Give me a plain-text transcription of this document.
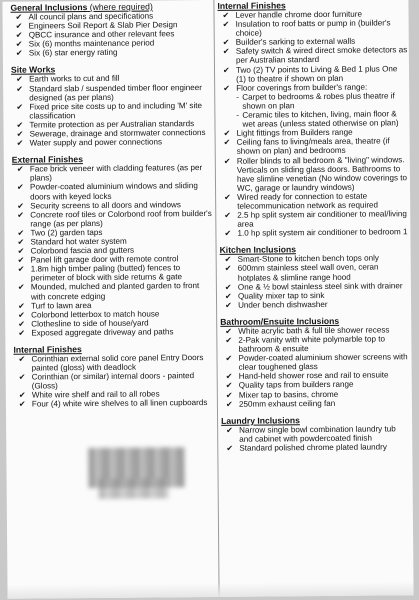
General Inclusions (where required)
✔ All council plans and specifications
✔ Engineers Soil Report & Slab Pier Design
✔ QBCC insurance and other relevant fees
✔ Six (6) months maintenance period
✔ Six (6) star energy rating
Site Works
✔ Earth works to cut and fill
✔ Standard slab / suspended timber floor engineer designed (as per plans)
✔ Fixed price site costs up to and including 'M' site classification
✔ Termite protection as per Australian standards
✔ Sewerage, drainage and stormwater connections
✔ Water supply and power connections
External Finishes
✔ Face brick veneer with cladding features (as per plans)
✔ Powder-coated aluminium windows and sliding doors with keyed locks
✔ Security screens to all doors and windows
✔ Concrete roof tiles or Colorbond roof from builder's range (as per plans)
✔ Two (2) garden taps
✔ Standard hot water system
✔ Colorbond fascia and gutters
✔ Panel lift garage door with remote control
✔ 1.8m high timber paling (butted) fences to perimeter of block with side returns & gate
✔ Mounded, mulched and planted garden to front with concrete edging
✔ Turf to lawn area
✔ Colorbond letterbox to match house
✔ Clothesline to side of house/yard
✔ Exposed aggregate driveway and paths
Internal Finishes
✔ Corinthian external solid core panel Entry Doors painted (gloss) with deadlock
✔ Corinthian (or similar) internal doors - painted (Gloss)
✔ White wire shelf and rail to all robes
✔ Four (4) white wire shelves to all linen cupboards
Internal Finishes
✔ Lever handle chrome door furniture
✔ Insulation to roof batts or pump in (builder's choice)
✔ Builder's sarking to external walls
✔ Safety switch & wired direct smoke detectors as per Australian standard
✔ Two (2) TV points to Living & Bed 1 plus One (1) to theatre if shown on plan
✔ Floor coverings from builder's range:
- Carpet to bedrooms & robes plus theatre if shown on plan
- Ceramic tiles to kitchen, living, main floor & wet areas (unless stated otherwise on plan)
✔ Light fittings from Builders range
✔ Ceiling fans to living/meals area, theatre (if shown on plan) and bedrooms
✔ Roller blinds to all bedroom & "living" windows. Verticals on sliding glass doors. Bathrooms to have slimline venetian (No window coverings to WC, garage or laundry windows)
✔ Wired ready for connection to estate telecommunication network as required
✔ 2.5 hp split system air conditioner to meal/living area
✔ 1.0 hp split system air conditioner to bedroom 1
Kitchen Inclusions
✔ Smart-Stone to kitchen bench tops only
✔ 600mm stainless steel wall oven, ceran hotplates & slimline range hood
✔ One & ½ bowl stainless steel sink with drainer
✔ Quality mixer tap to sink
✔ Under bench dishwasher
Bathroom/Ensuite Inclusions
✔ White acrylic bath & full tile shower recess
✔ 2-Pak vanity with white polymarble top to bathroom & ensuite
✔ Powder-coated aluminium shower screens with clear toughened glass
✔ Hand-held shower rose and rail to ensuite
✔ Quality taps from builders range
✔ Mixer tap to basins, chrome
✔ 250mm exhaust ceiling fan
Laundry Inclusions
✔ Narrow single bowl combination laundry tub and cabinet with powdercoated finish
✔ Standard polished chrome plated laundry
